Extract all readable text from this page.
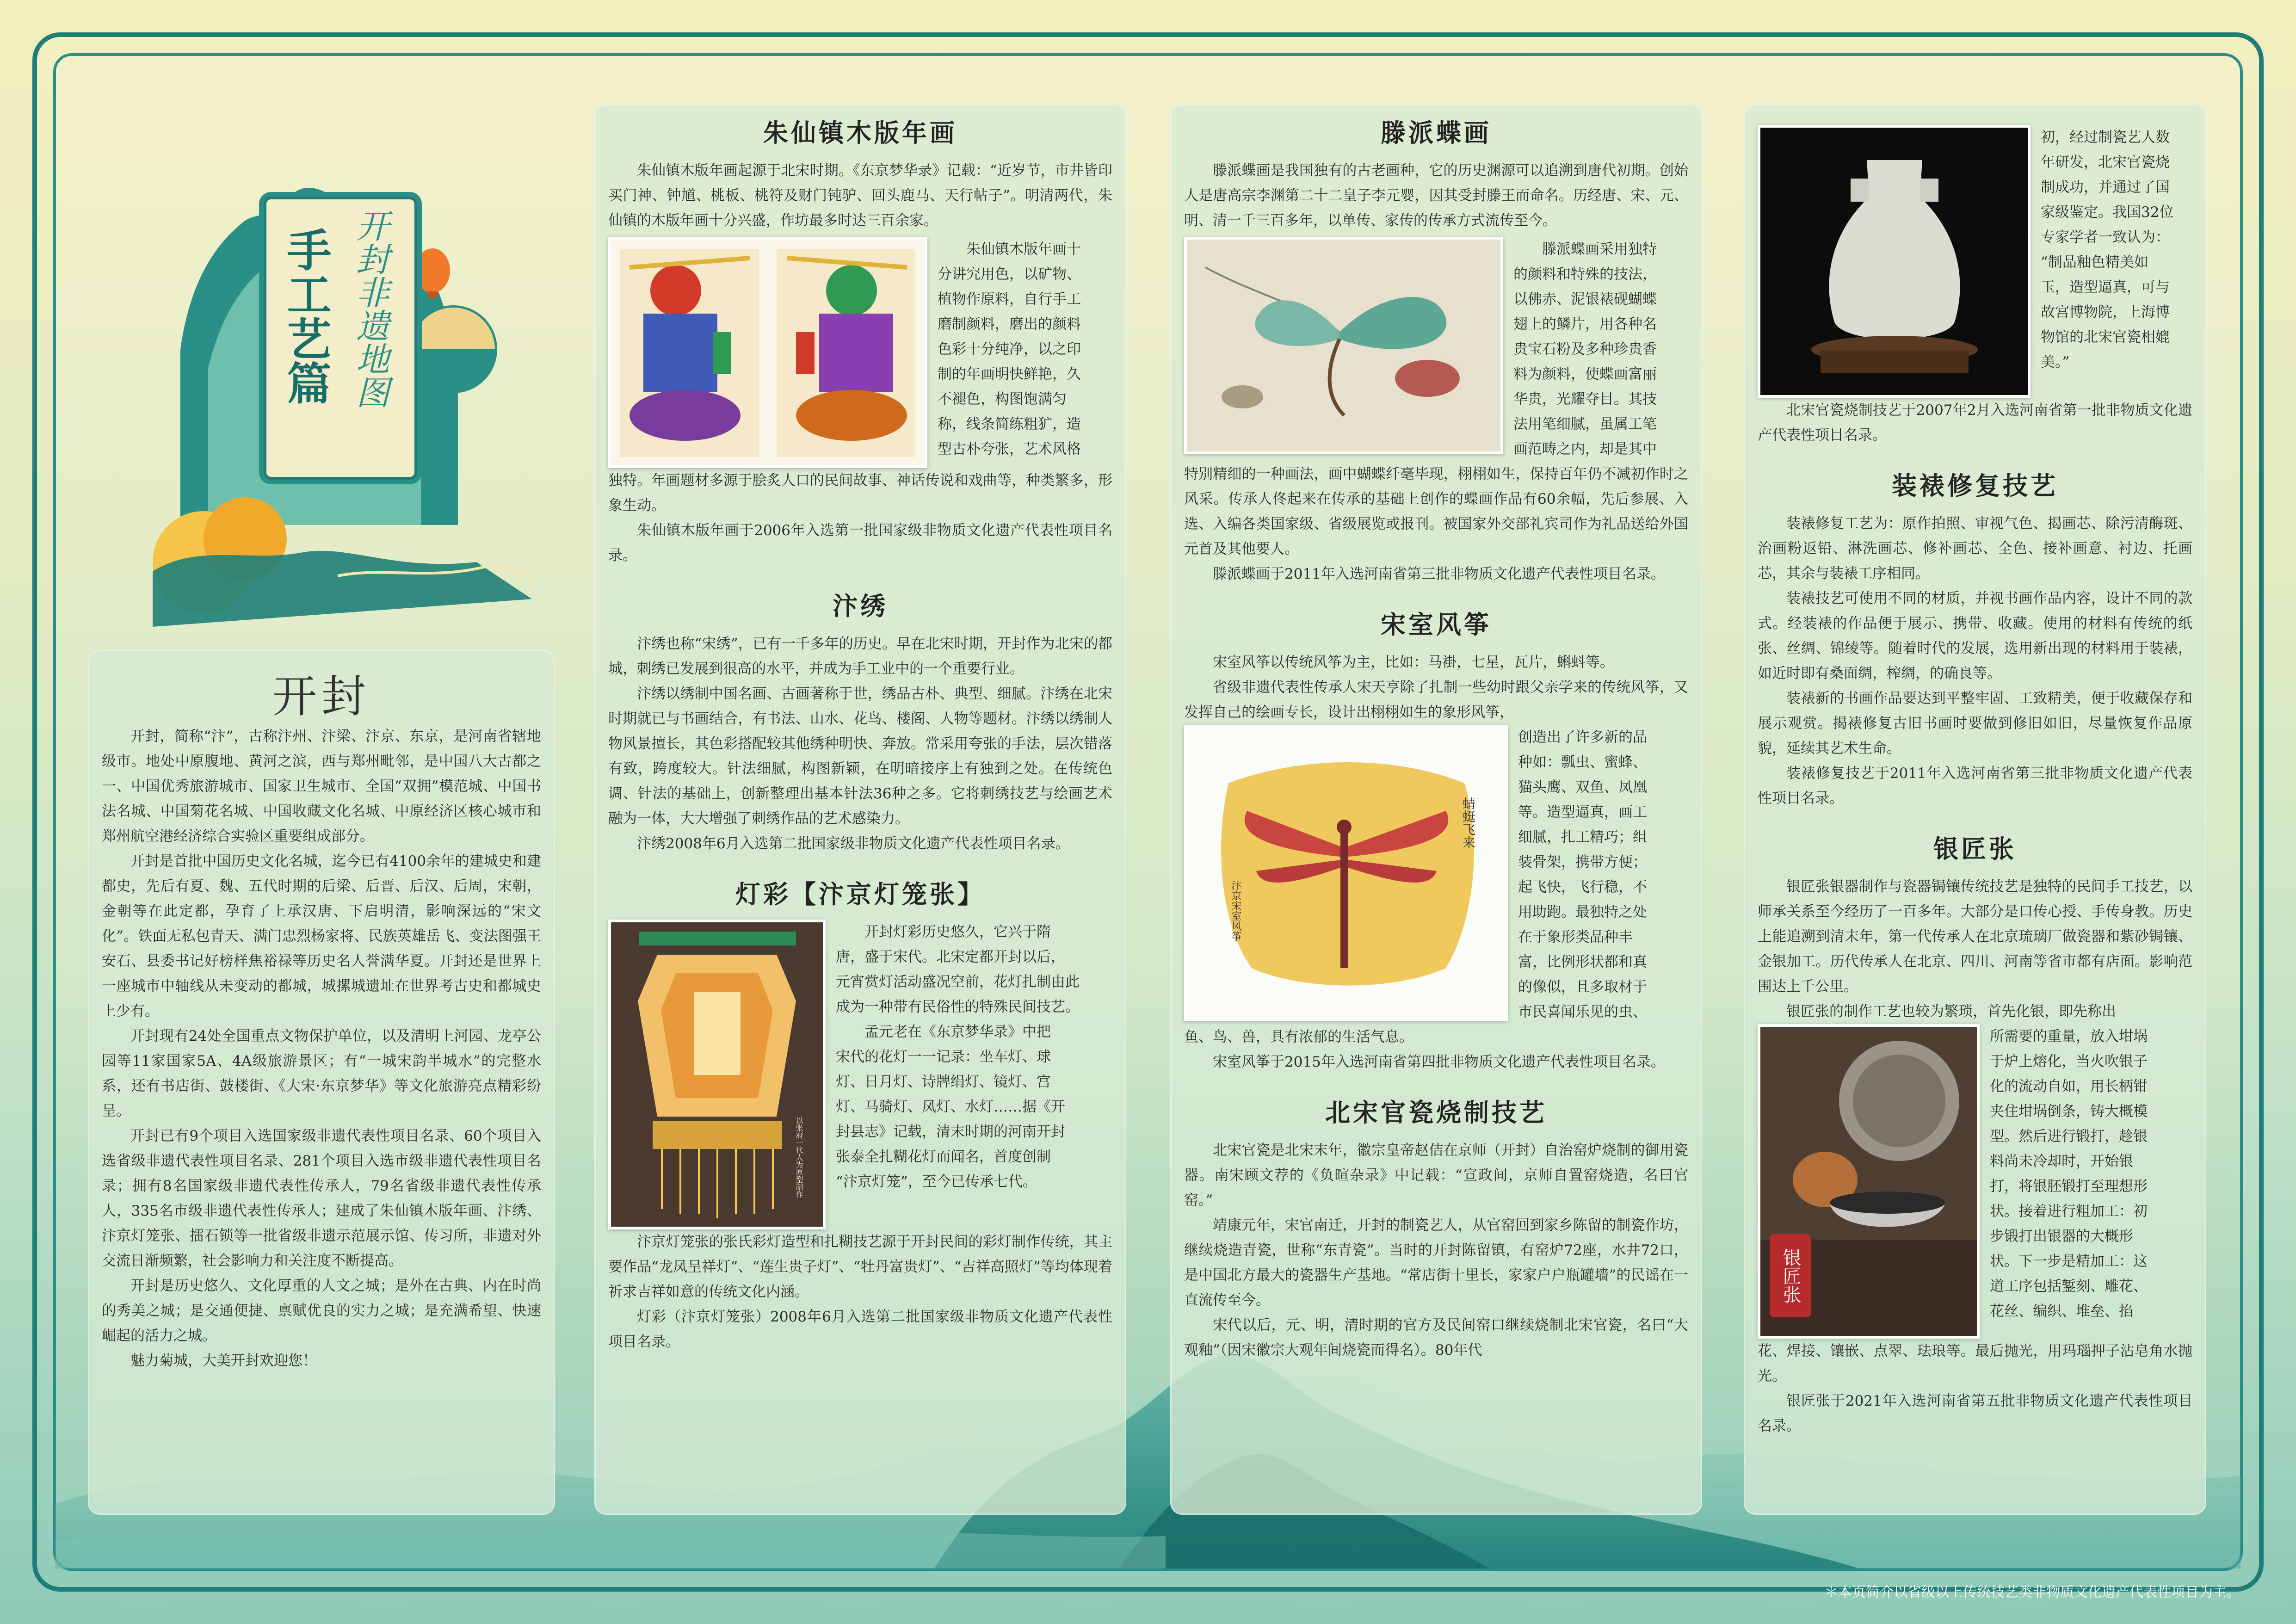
手工艺篇 开封非遗地图
开封

开封，简称“汴”，古称汴州、汴梁、汴京、东京，是河南省辖地级市。地处中原腹地、黄河之滨，西与郑州毗邻，是中国八大古都之一、中国优秀旅游城市、国家卫生城市、全国“双拥”模范城、中国书法名城、中国菊花名城、中国收藏文化名城、中原经济区核心城市和郑州航空港经济综合实验区重要组成部分。

开封是首批中国历史文化名城，迄今已有4100余年的建城史和建都史，先后有夏、魏、五代时期的后梁、后晋、后汉、后周，宋朝，金朝等在此定都，孕育了上承汉唐、下启明清，影响深远的“宋文化”。铁面无私包青天、满门忠烈杨家将、民族英雄岳飞、变法图强王安石、县委书记好榜样焦裕禄等历史名人誉满华夏。开封还是世界上一座城市中轴线从未变动的都城，城摞城遗址在世界考古史和都城史上少有。

开封现有24处全国重点文物保护单位，以及清明上河园、龙亭公园等11家国家5A、4A级旅游景区；有“一城宋韵半城水”的完整水系，还有书店街、鼓楼街、《大宋·东京梦华》等文化旅游亮点精彩纷呈。

开封已有9个项目入选国家级非遗代表性项目名录、60个项目入选省级非遗代表性项目名录、281个项目入选市级非遗代表性项目名录；拥有8名国家级非遗代表性传承人，79名省级非遗代表性传承人，335名市级非遗代表性传承人；建成了朱仙镇木版年画、汴绣、汴京灯笼张、擂石锁等一批省级非遗示范展示馆、传习所，非遗对外交流日渐频繁，社会影响力和关注度不断提高。

开封是历史悠久、文化厚重的人文之城；是外在古典、内在时尚的秀美之城；是交通便捷、禀赋优良的实力之城；是充满希望、快速崛起的活力之城。

魅力菊城，大美开封欢迎您！

朱仙镇木版年画

朱仙镇木版年画起源于北宋时期。《东京梦华录》记载：“近岁节，市井皆印买门神、钟馗、桃板、桃符及财门钝驴、回头鹿马、天行帖子”。明清两代，朱仙镇的木版年画十分兴盛，作坊最多时达三百余家。

朱仙镇木版年画十

分讲究用色，以矿物、

植物作原料，自行手工

磨制颜料，磨出的颜料

色彩十分纯净，以之印

制的年画明快鲜艳，久

不褪色，构图饱满匀

称，线条简练粗犷，造

型古朴夸张，艺术风格

独特。年画题材多源于脍炙人口的民间故事、神话传说和戏曲等，种类繁多，形象生动。

朱仙镇木版年画于2006年入选第一批国家级非物质文化遗产代表性项目名录。

汴绣

汴绣也称“宋绣”，已有一千多年的历史。早在北宋时期，开封作为北宋的都城，刺绣已发展到很高的水平，并成为手工业中的一个重要行业。

汴绣以绣制中国名画、古画著称于世，绣品古朴、典型、细腻。汴绣在北宋时期就已与书画结合，有书法、山水、花鸟、楼阁、人物等题材。汴绣以绣制人物风景擅长，其色彩搭配较其他绣种明快、奔放。常采用夸张的手法，层次错落有致，跨度较大。针法细腻，构图新颖，在明暗接序上有独到之处。在传统色调、针法的基础上，创新整理出基本针法36种之多。它将刺绣技艺与绘画艺术融为一体，大大增强了刺绣作品的艺术感染力。

汴绣2008年6月入选第二批国家级非物质文化遗产代表性项目名录。

灯彩【汴京灯笼张】
以张府一代人为原型制作

开封灯彩历史悠久，它兴于隋

唐，盛于宋代。北宋定都开封以后，

元宵赏灯活动盛况空前，花灯扎制由此

成为一种带有民俗性的特殊民间技艺。

孟元老在《东京梦华录》中把

宋代的花灯一一记录：坐车灯、球

灯、日月灯、诗牌绢灯、镜灯、宫

灯、马骑灯、凤灯、水灯……据《开

封县志》记载，清末时期的河南开封

张泰全扎糊花灯而闻名，首度创制

“汴京灯笼”，至今已传承七代。

汴京灯笼张的张氏彩灯造型和扎糊技艺源于开封民间的彩灯制作传统，其主要作品“龙凤呈祥灯”、“莲生贵子灯”、“牡丹富贵灯”、“吉祥高照灯”等均体现着祈求吉祥如意的传统文化内涵。

灯彩（汴京灯笼张）2008年6月入选第二批国家级非物质文化遗产代表性项目名录。

滕派蝶画

滕派蝶画是我国独有的古老画种，它的历史渊源可以追溯到唐代初期。创始人是唐高宗李渊第二十二皇子李元婴，因其受封滕王而命名。历经唐、宋、元、明、清一千三百多年，以单传、家传的传承方式流传至今。

滕派蝶画采用独特

的颜料和特殊的技法，

以佛赤、泥银裱砚蝴蝶

翅上的鳞片，用各种名

贵宝石粉及多种珍贵香

料为颜料，使蝶画富丽

华贵，光耀夺目。其技

法用笔细腻，虽属工笔

画范畴之内，却是其中

特别精细的一种画法，画中蝴蝶纤毫毕现，栩栩如生，保持百年仍不减初作时之风采。传承人佟起来在传承的基础上创作的蝶画作品有60余幅，先后参展、入选、入编各类国家级、省级展览或报刊。被国家外交部礼宾司作为礼品送给外国元首及其他要人。

滕派蝶画于2011年入选河南省第三批非物质文化遗产代表性项目名录。

宋室风筝

宋室风筝以传统风筝为主，比如：马褂，七星，瓦片，蝌蚪等。

省级非遗代表性传承人宋天亨除了扎制一些幼时跟父亲学来的传统风筝，又发挥自己的绘画专长，设计出栩栩如生的象形风筝，

蜻蜓飞来
汴京宋室风筝

创造出了许多新的品

种如：瓢虫、蜜蜂、

猫头鹰、双鱼、凤凰

等。造型逼真，画工

细腻，扎工精巧；组

装骨架，携带方便；

起飞快，飞行稳，不

用助跑。最独特之处

在于象形类品种丰

富，比例形状都和真

的像似，且多取材于

市民喜闻乐见的虫、

鱼、鸟、兽，具有浓郁的生活气息。

宋室风筝于2015年入选河南省第四批非物质文化遗产代表性项目名录。

北宋官瓷烧制技艺

北宋官瓷是北宋末年，徽宗皇帝赵佶在京师（开封）自治窑炉烧制的御用瓷器。南宋顾文荐的《负暄杂录》中记载：“宣政间，京师自置窑烧造，名曰官窑。”

靖康元年，宋官南迁，开封的制瓷艺人，从官窑回到家乡陈留的制瓷作坊，继续烧造青瓷，世称“东青瓷”。当时的开封陈留镇，有窑炉72座，水井72口，是中国北方最大的瓷器生产基地。“常店街十里长，家家户户瓶罐墙”的民谣在一直流传至今。

宋代以后，元、明，清时期的官方及民间窑口继续烧制北宋官瓷，名曰“大观釉”（因宋徽宗大观年间烧瓷而得名）。80年代

初，经过制瓷艺人数

年研发，北宋官瓷烧

制成功，并通过了国

家级鉴定。我国32位

专家学者一致认为：

“制品釉色精美如

玉，造型逼真，可与

故宫博物院，上海博

物馆的北宋官瓷相媲

美。”

北宋官瓷烧制技艺于2007年2月入选河南省第一批非物质文化遗产代表性项目名录。

装裱修复技艺

装裱修复工艺为：原作拍照、审视气色、揭画芯、除污清酶斑、治画粉返铅、淋洗画芯、修补画芯、全色、接补画意、衬边、托画芯，其余与装裱工序相同。

装裱技艺可使用不同的材质，并视书画作品内容，设计不同的款式。经装裱的作品便于展示、携带、收藏。使用的材料有传统的纸张、丝绸、锦绫等。随着时代的发展，选用新出现的材料用于装裱，如近时即有桑面绸，榨绸，的确良等。

装裱新的书画作品要达到平整牢固、工致精美，便于收藏保存和展示观赏。揭裱修复古旧书画时要做到修旧如旧，尽量恢复作品原貌，延续其艺术生命。

装裱修复技艺于2011年入选河南省第三批非物质文化遗产代表性项目名录。

银匠张

银匠张银器制作与瓷器锔镶传统技艺是独特的民间手工技艺，以师承关系至今经历了一百多年。大部分是口传心授、手传身教。历史上能追溯到清末年，第一代传承人在北京琉璃厂做瓷器和紫砂锔镶、金银加工。历代传承人在北京、四川、河南等省市都有店面。影响范围达上千公里。

银匠张的制作工艺也较为繁琐，首先化银，即先称出

银匠张

所需要的重量，放入坩埚

于炉上熔化，当火吹银子

化的流动自如，用长柄钳

夹住坩埚倒条，铸大概模

型。然后进行锻打，趁银

料尚未冷却时，开始银

打，将银胚锻打至理想形

状。接着进行粗加工：初

步锻打出银器的大概形

状。下一步是精加工：这

道工序包括錾刻、雕花、

花丝、编织、堆垒、掐

花、焊接、镶嵌、点翠、珐琅等。最后抛光，用玛瑙押子沾皂角水抛光。

银匠张于2021年入选河南省第五批非物质文化遗产代表性项目名录。

＊本页简介以省级以上传统技艺类非物质文化遗产代表性项目为主。
